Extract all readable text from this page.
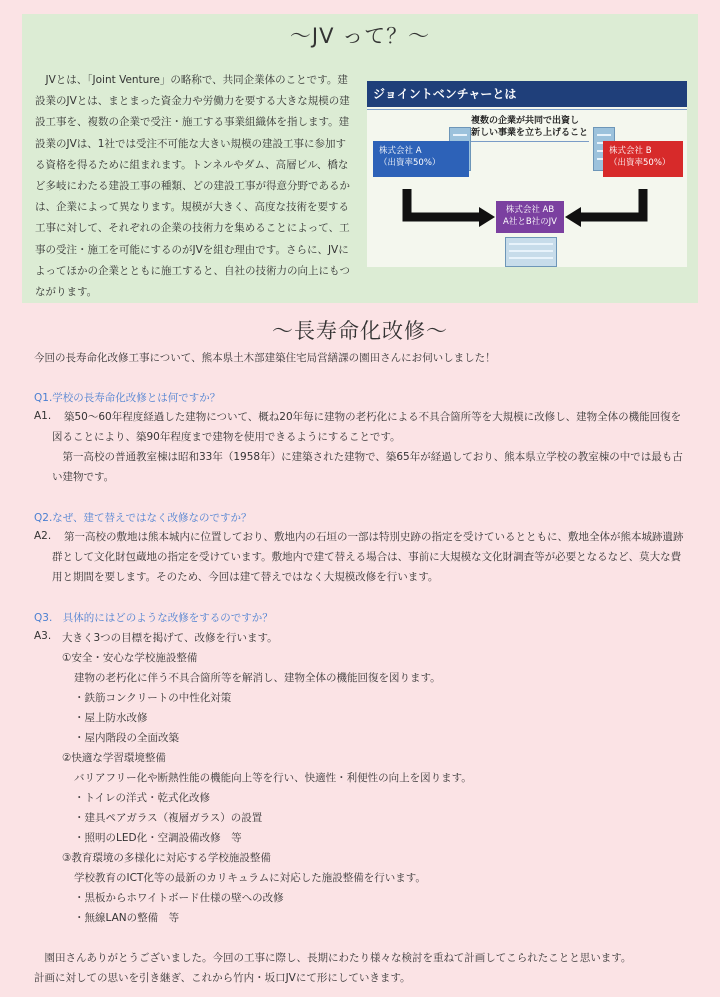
〜JV って？〜
　JVとは、「Joint Venture」の略称で、共同企業体のことです。建設業のJVとは、まとまった資金力や労働力を要する大きな規模の建設工事を、複数の企業で受注・施工する事業組織体を指します。建設業のJVは、1社では受注不可能な大きい規模の建設工事に参加する資格を得るために組まれます。トンネルやダム、高層ビル、橋など多岐にわたる建設工事の種類、どの建設工事が得意分野であるかは、企業によって異なります。規模が大きく、高度な技術を要する工事に対して、それぞれの企業の技術力を集めることによって、工事の受注・施工を可能にするのがJVを組む理由です。さらに、JVによってほかの企業とともに施工すると、自社の技術力の向上にもつながります。
ジョイントベンチャーとは
複数の企業が共同で出資し
新しい事業を立ち上げること
株式会社 A
（出資率50%）
株式会社 B
（出資率50%）
株式会社 AB
A社とB社のJV
〜長寿命化改修〜
今回の長寿命化改修工事について、熊本県土木部建築住宅局営繕課の園田さんにお伺いしました！
Q1.学校の長寿命化改修とは何ですか？
A1.	築50〜60年程度経過した建物について、概ね20年毎に建物の老朽化による不具合箇所等を大規模に改修し、建物全体の機能回復を図ることにより、築90年程度まで建物を使用できるようにすることです。
　第一高校の普通教室棟は昭和33年（1958年）に建築された建物で、築65年が経過しており、熊本県立学校の教室棟の中では最も古い建物です。
Q2.なぜ、建て替えではなく改修なのですか？
A2.	第一高校の敷地は熊本城内に位置しており、敷地内の石垣の一部は特別史跡の指定を受けているとともに、敷地全体が熊本城跡遺跡群として文化財包蔵地の指定を受けています。敷地内で建て替える場合は、事前に大規模な文化財調査等が必要となるなど、莫大な費用と期間を要します。そのため、今回は建て替えではなく大規模改修を行います。
Q3.　具体的にはどのような改修をするのですか？
A3. 大きく3つの目標を掲げて、改修を行います。
①安全・安心な学校施設整備
建物の老朽化に伴う不具合箇所等を解消し、建物全体の機能回復を図ります。
・鉄筋コンクリートの中性化対策
・屋上防水改修
・屋内階段の全面改築
②快適な学習環境整備
バリアフリー化や断熱性能の機能向上等を行い、快適性・利便性の向上を図ります。
・トイレの洋式・乾式化改修
・建具ペアガラス（複層ガラス）の設置
・照明のLED化・空調設備改修　等
③教育環境の多様化に対応する学校施設整備
学校教育のICT化等の最新のカリキュラムに対応した施設整備を行います。
・黒板からホワイトボード仕様の壁への改修
・無線LANの整備　等
　園田さんありがとうございました。今回の工事に際し、長期にわたり様々な検討を重ねて計画してこられたことと思います。
計画に対しての思いを引き継ぎ、これから竹内・坂口JVにて形にしていきます。
